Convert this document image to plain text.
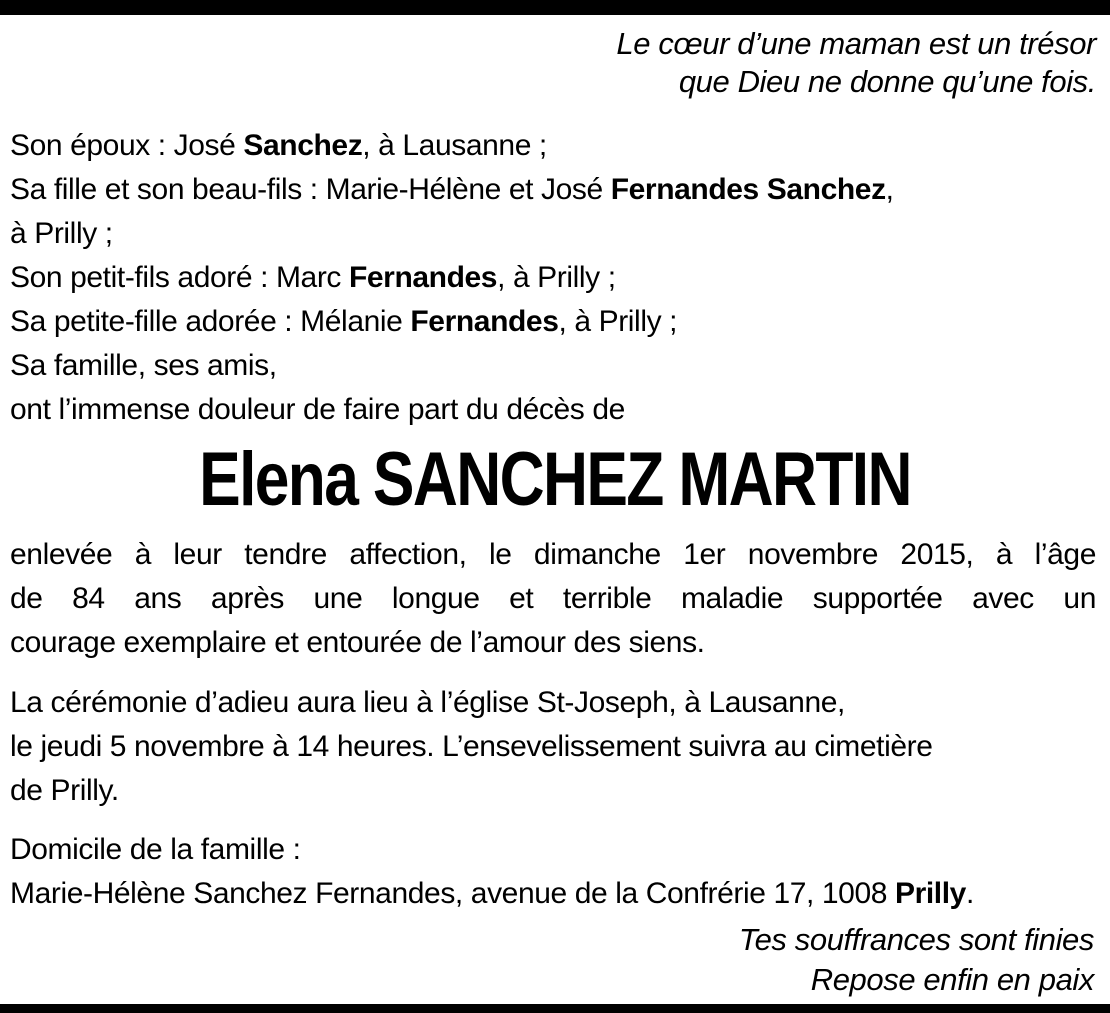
Le cœur d’une maman est un trésor
que Dieu ne donne qu’une fois.
Son époux : José Sanchez, à Lausanne ;
Sa fille et son beau-fils : Marie-Hélène et José Fernandes Sanchez,
à Prilly ;
Son petit-fils adoré : Marc Fernandes, à Prilly ;
Sa petite-fille adorée : Mélanie Fernandes, à Prilly ;
Sa famille, ses amis,
ont l’immense douleur de faire part du décès de
Elena SANCHEZ MARTIN
enlevée à leur tendre affection, le dimanche 1er novembre 2015, à l’âge
de 84 ans après une longue et terrible maladie supportée avec un
courage exemplaire et entourée de l’amour des siens.
La cérémonie d’adieu aura lieu à l’église St-Joseph, à Lausanne,
le jeudi 5 novembre à 14 heures. L’ensevelissement suivra au cimetière
de Prilly.
Domicile de la famille :
Marie-Hélène Sanchez Fernandes, avenue de la Confrérie 17, 1008 Prilly.
Tes souffrances sont finies
Repose enfin en paix
